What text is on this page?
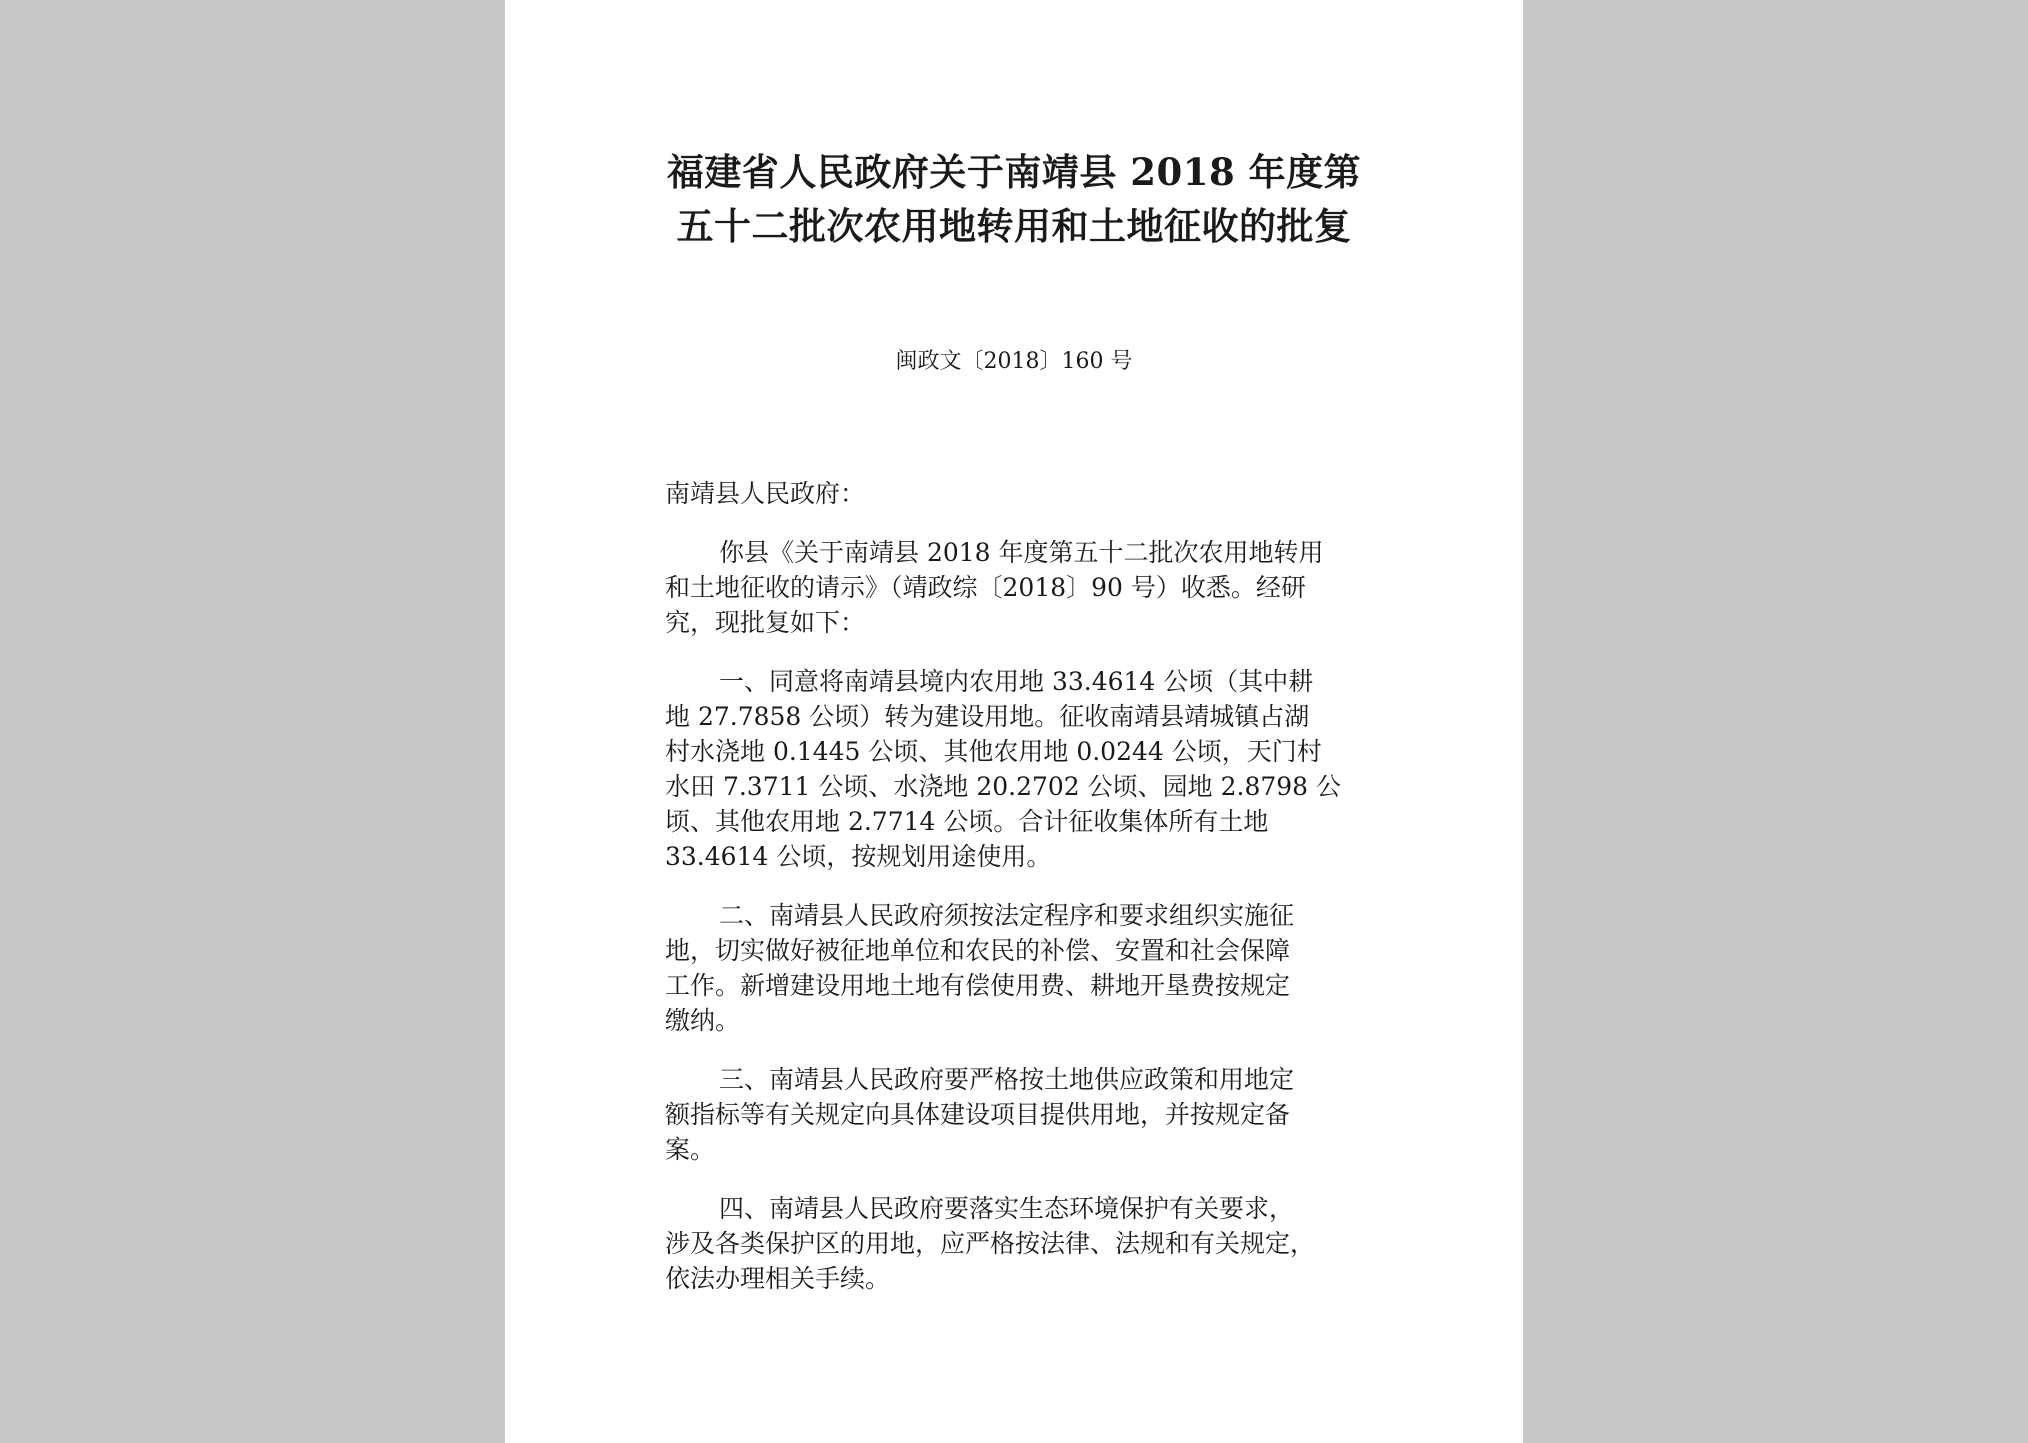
福建省人民政府关于南靖县 2018 年度第
五十二批次农用地转用和土地征收的批复
闽政文〔2018〕160 号
南靖县人民政府：
你县《关于南靖县 2018 年度第五十二批次农用地转用
和土地征收的请示》（靖政综〔2018〕90 号）收悉。经研
究，现批复如下：
一、同意将南靖县境内农用地 33.4614 公顷（其中耕
地 27.7858 公顷）转为建设用地。征收南靖县靖城镇占湖
村水浇地 0.1445 公顷、其他农用地 0.0244 公顷，天门村
水田 7.3711 公顷、水浇地 20.2702 公顷、园地 2.8798 公
顷、其他农用地 2.7714 公顷。合计征收集体所有土地
33.4614 公顷，按规划用途使用。
二、南靖县人民政府须按法定程序和要求组织实施征
地，切实做好被征地单位和农民的补偿、安置和社会保障
工作。新增建设用地土地有偿使用费、耕地开垦费按规定
缴纳。
三、南靖县人民政府要严格按土地供应政策和用地定
额指标等有关规定向具体建设项目提供用地，并按规定备
案。
四、南靖县人民政府要落实生态环境保护有关要求，
涉及各类保护区的用地，应严格按法律、法规和有关规定，
依法办理相关手续。
